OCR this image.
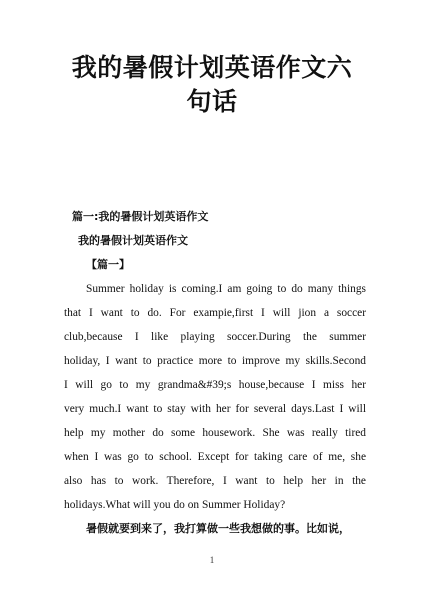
我的暑假计划英语作文六
句话
篇一:我的暑假计划英语作文
我的暑假计划英语作文
【篇一】
Summer holiday is coming.I am going to do many things
that I want to do. For exampie,first I will jion a soccer
club,because I like playing soccer.During the summer
holiday, I want to practice more to improve my skills.Second
I will go to my grandma&#39;s house,because I miss her
very much.I want to stay with her for several days.Last I will
help my mother do some housework. She was really tired
when I was go to school. Except for taking care of me, she
also has to work. Therefore, I want to help her in the
holidays.What will you do on Summer Holiday?
暑假就要到来了，我打算做一些我想做的事。比如说，
1
